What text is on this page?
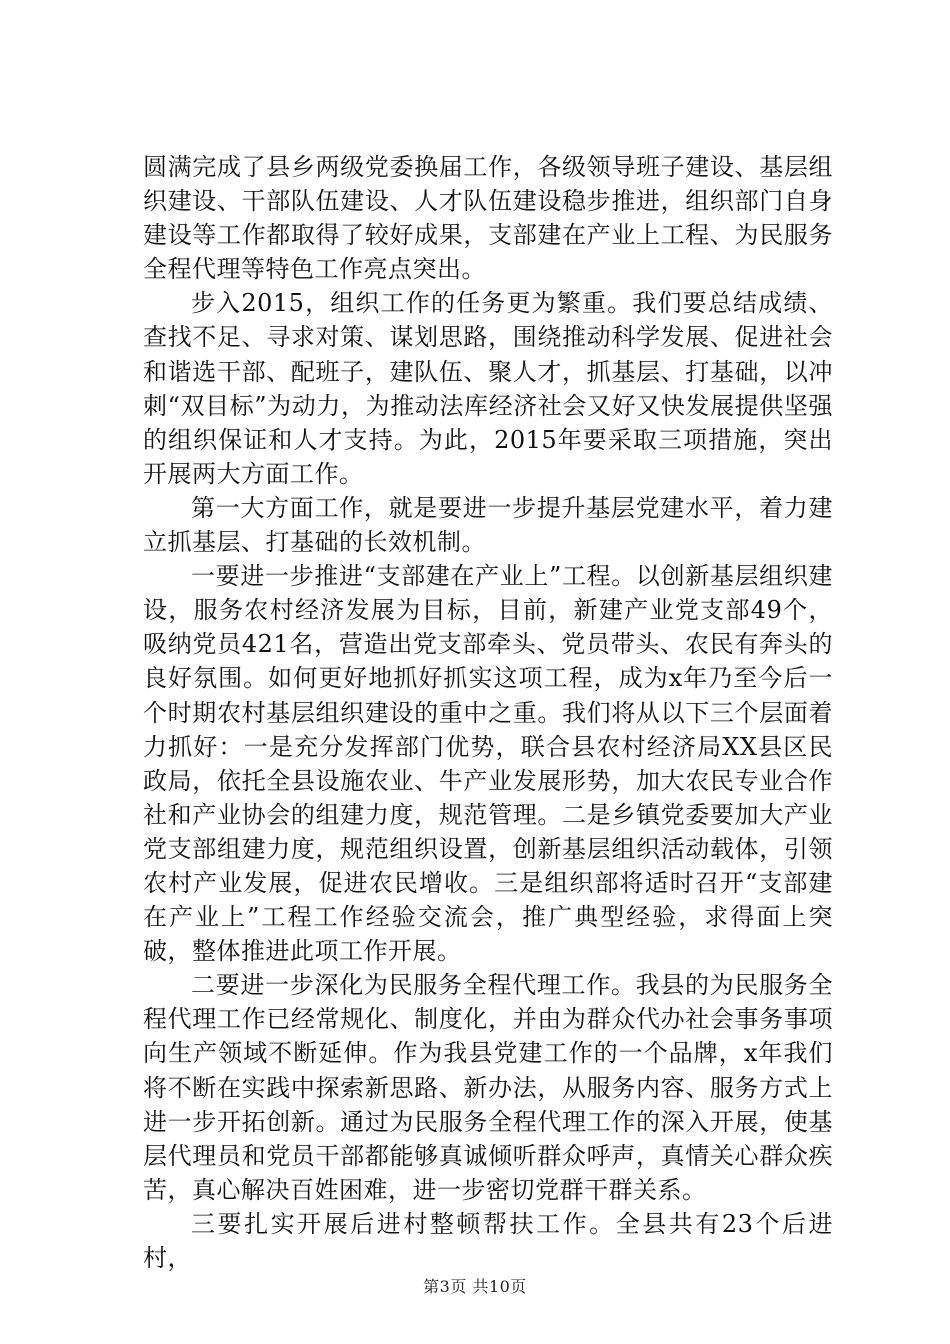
圆满完成了县乡两级党委换届工作，各级领导班子建设、基层组织建设、干部队伍建设、人才队伍建设稳步推进，组织部门自身建设等工作都取得了较好成果，支部建在产业上工程、为民服务全程代理等特色工作亮点突出。

步入2015，组织工作的任务更为繁重。我们要总结成绩、查找不足、寻求对策、谋划思路，围绕推动科学发展、促进社会和谐选干部、配班子，建队伍、聚人才，抓基层、打基础，以冲刺“双目标”为动力，为推动法库经济社会又好又快发展提供坚强的组织保证和人才支持。为此，2015年要采取三项措施，突出开展两大方面工作。

第一大方面工作，就是要进一步提升基层党建水平，着力建立抓基层、打基础的长效机制。

一要进一步推进“支部建在产业上”工程。以创新基层组织建设，服务农村经济发展为目标，目前，新建产业党支部49个，吸纳党员421名，营造出党支部牵头、党员带头、农民有奔头的良好氛围。如何更好地抓好抓实这项工程，成为x年乃至今后一个时期农村基层组织建设的重中之重。我们将从以下三个层面着力抓好：一是充分发挥部门优势，联合县农村经济局XX县区民政局，依托全县设施农业、牛产业发展形势，加大农民专业合作社和产业协会的组建力度，规范管理。二是乡镇党委要加大产业党支部组建力度，规范组织设置，创新基层组织活动载体，引领农村产业发展，促进农民增收。三是组织部将适时召开“支部建在产业上”工程工作经验交流会，推广典型经验，求得面上突破，整体推进此项工作开展。

二要进一步深化为民服务全程代理工作。我县的为民服务全程代理工作已经常规化、制度化，并由为群众代办社会事务事项向生产领域不断延伸。作为我县党建工作的一个品牌，x年我们将不断在实践中探索新思路、新办法，从服务内容、服务方式上进一步开拓创新。通过为民服务全程代理工作的深入开展，使基层代理员和党员干部都能够真诚倾听群众呼声，真情关心群众疾苦，真心解决百姓困难，进一步密切党群干群关系。

三要扎实开展后进村整顿帮扶工作。全县共有23个后进村，

第3页 共10页
